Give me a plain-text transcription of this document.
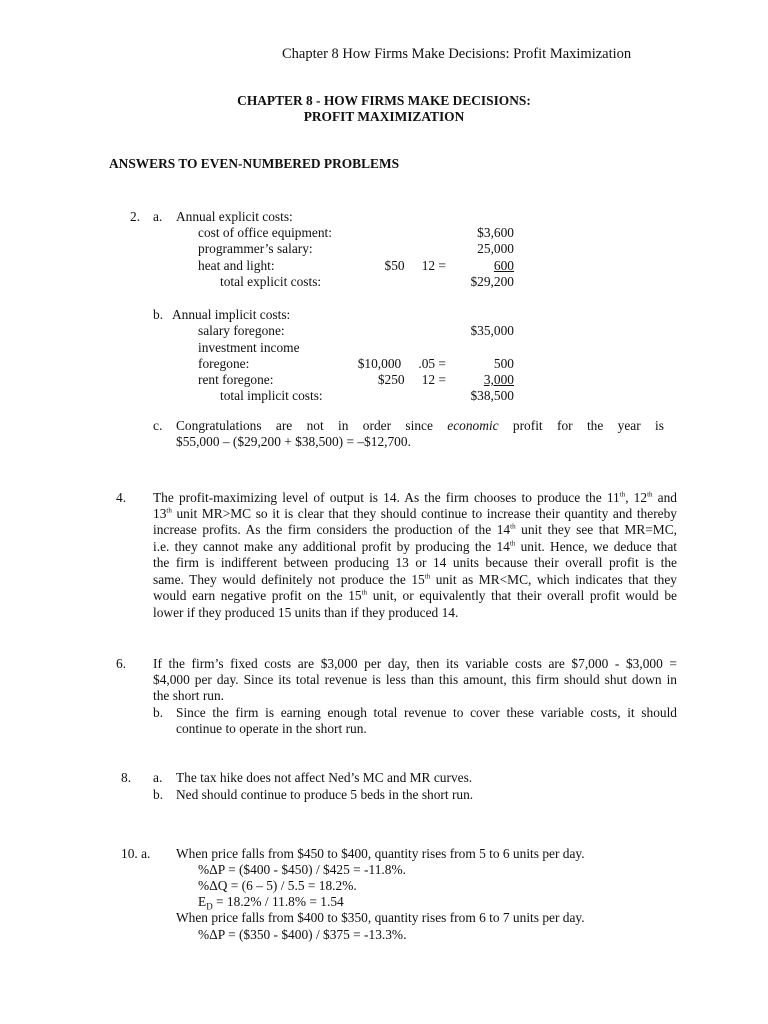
Chapter 8 How Firms Make Decisions: Profit Maximization
CHAPTER 8 - HOW FIRMS MAKE DECISIONS:
PROFIT MAXIMIZATION
ANSWERS TO EVEN-NUMBERED PROBLEMS
2. a. Annual explicit costs:
cost of office equipment:	$3,600
programmer’s salary:	25,000
heat and light:	$50   12 =	600
total explicit costs:	$29,200
b. Annual implicit costs:
salary foregone:	$35,000
investment income
foregone:	$10,000   .05 =	500
rent foregone:	$250   12 =	3,000
total implicit costs:	$38,500
c. Congratulations are not in order since economic profit for the year is
$55,000 – ($29,200 + $38,500) = –$12,700.
4. The profit-maximizing level of output is 14. As the firm chooses to produce the 11th, 12th and
13th unit MR>MC so it is clear that they should continue to increase their quantity and thereby
increase profits. As the firm considers the production of the 14th unit they see that MR=MC,
i.e. they cannot make any additional profit by producing the 14th unit. Hence, we deduce that
the firm is indifferent between producing 13 or 14 units because their overall profit is the
same. They would definitely not produce the 15th unit as MR<MC, which indicates that they
would earn negative profit on the 15th unit, or equivalently that their overall profit would be
lower if they produced 15 units than if they produced 14.
6. If the firm’s fixed costs are $3,000 per day, then its variable costs are $7,000 - $3,000 =
$4,000 per day. Since its total revenue is less than this amount, this firm should shut down in
the short run.
b. Since the firm is earning enough total revenue to cover these variable costs, it should
continue to operate in the short run.
8. a. The tax hike does not affect Ned’s MC and MR curves.
b. Ned should continue to produce 5 beds in the short run.
10. a. When price falls from $450 to $400, quantity rises from 5 to 6 units per day.
%ΔP = ($400 - $450) / $425 = -11.8%.
%ΔQ = (6 – 5) / 5.5 = 18.2%.
$E_D = 18.2\% / 11.8\% = 1.54$
When price falls from $400 to $350, quantity rises from 6 to 7 units per day.
%ΔP = ($350 - $400) / $375 = -13.3%.
